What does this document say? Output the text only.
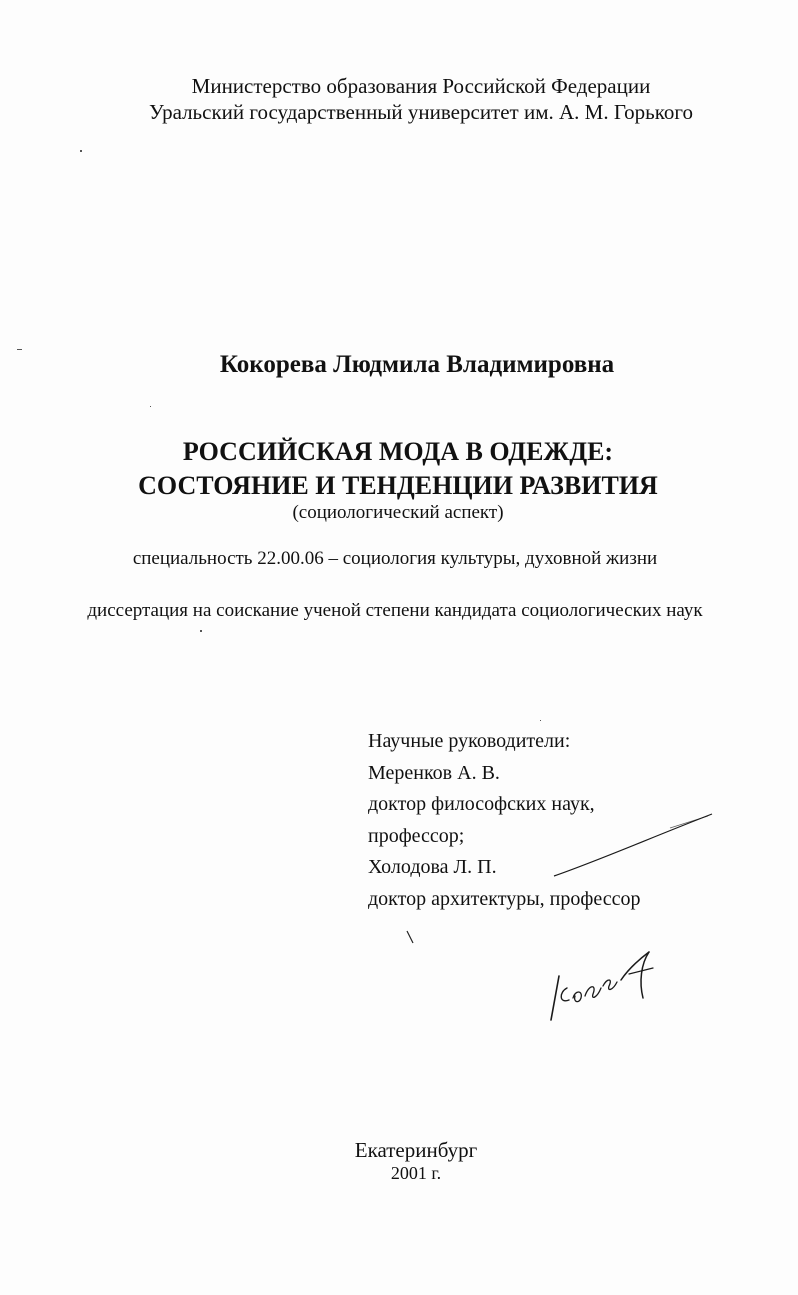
Министерство образования Российской Федерации
Уральский государственный университет им. А. М. Горького
Кокорева Людмила Владимировна
РОССИЙСКАЯ МОДА В ОДЕЖДЕ:
СОСТОЯНИЕ И ТЕНДЕНЦИИ РАЗВИТИЯ
(социологический аспект)
специальность 22.00.06 – социология культуры, духовной жизни
диссертация на соискание ученой степени кандидата социологических наук
Научные руководители:
Меренков А. В.
доктор философских наук,
профессор;
Холодова Л. П.
доктор архитектуры, профессор
Екатеринбург
2001 г.
